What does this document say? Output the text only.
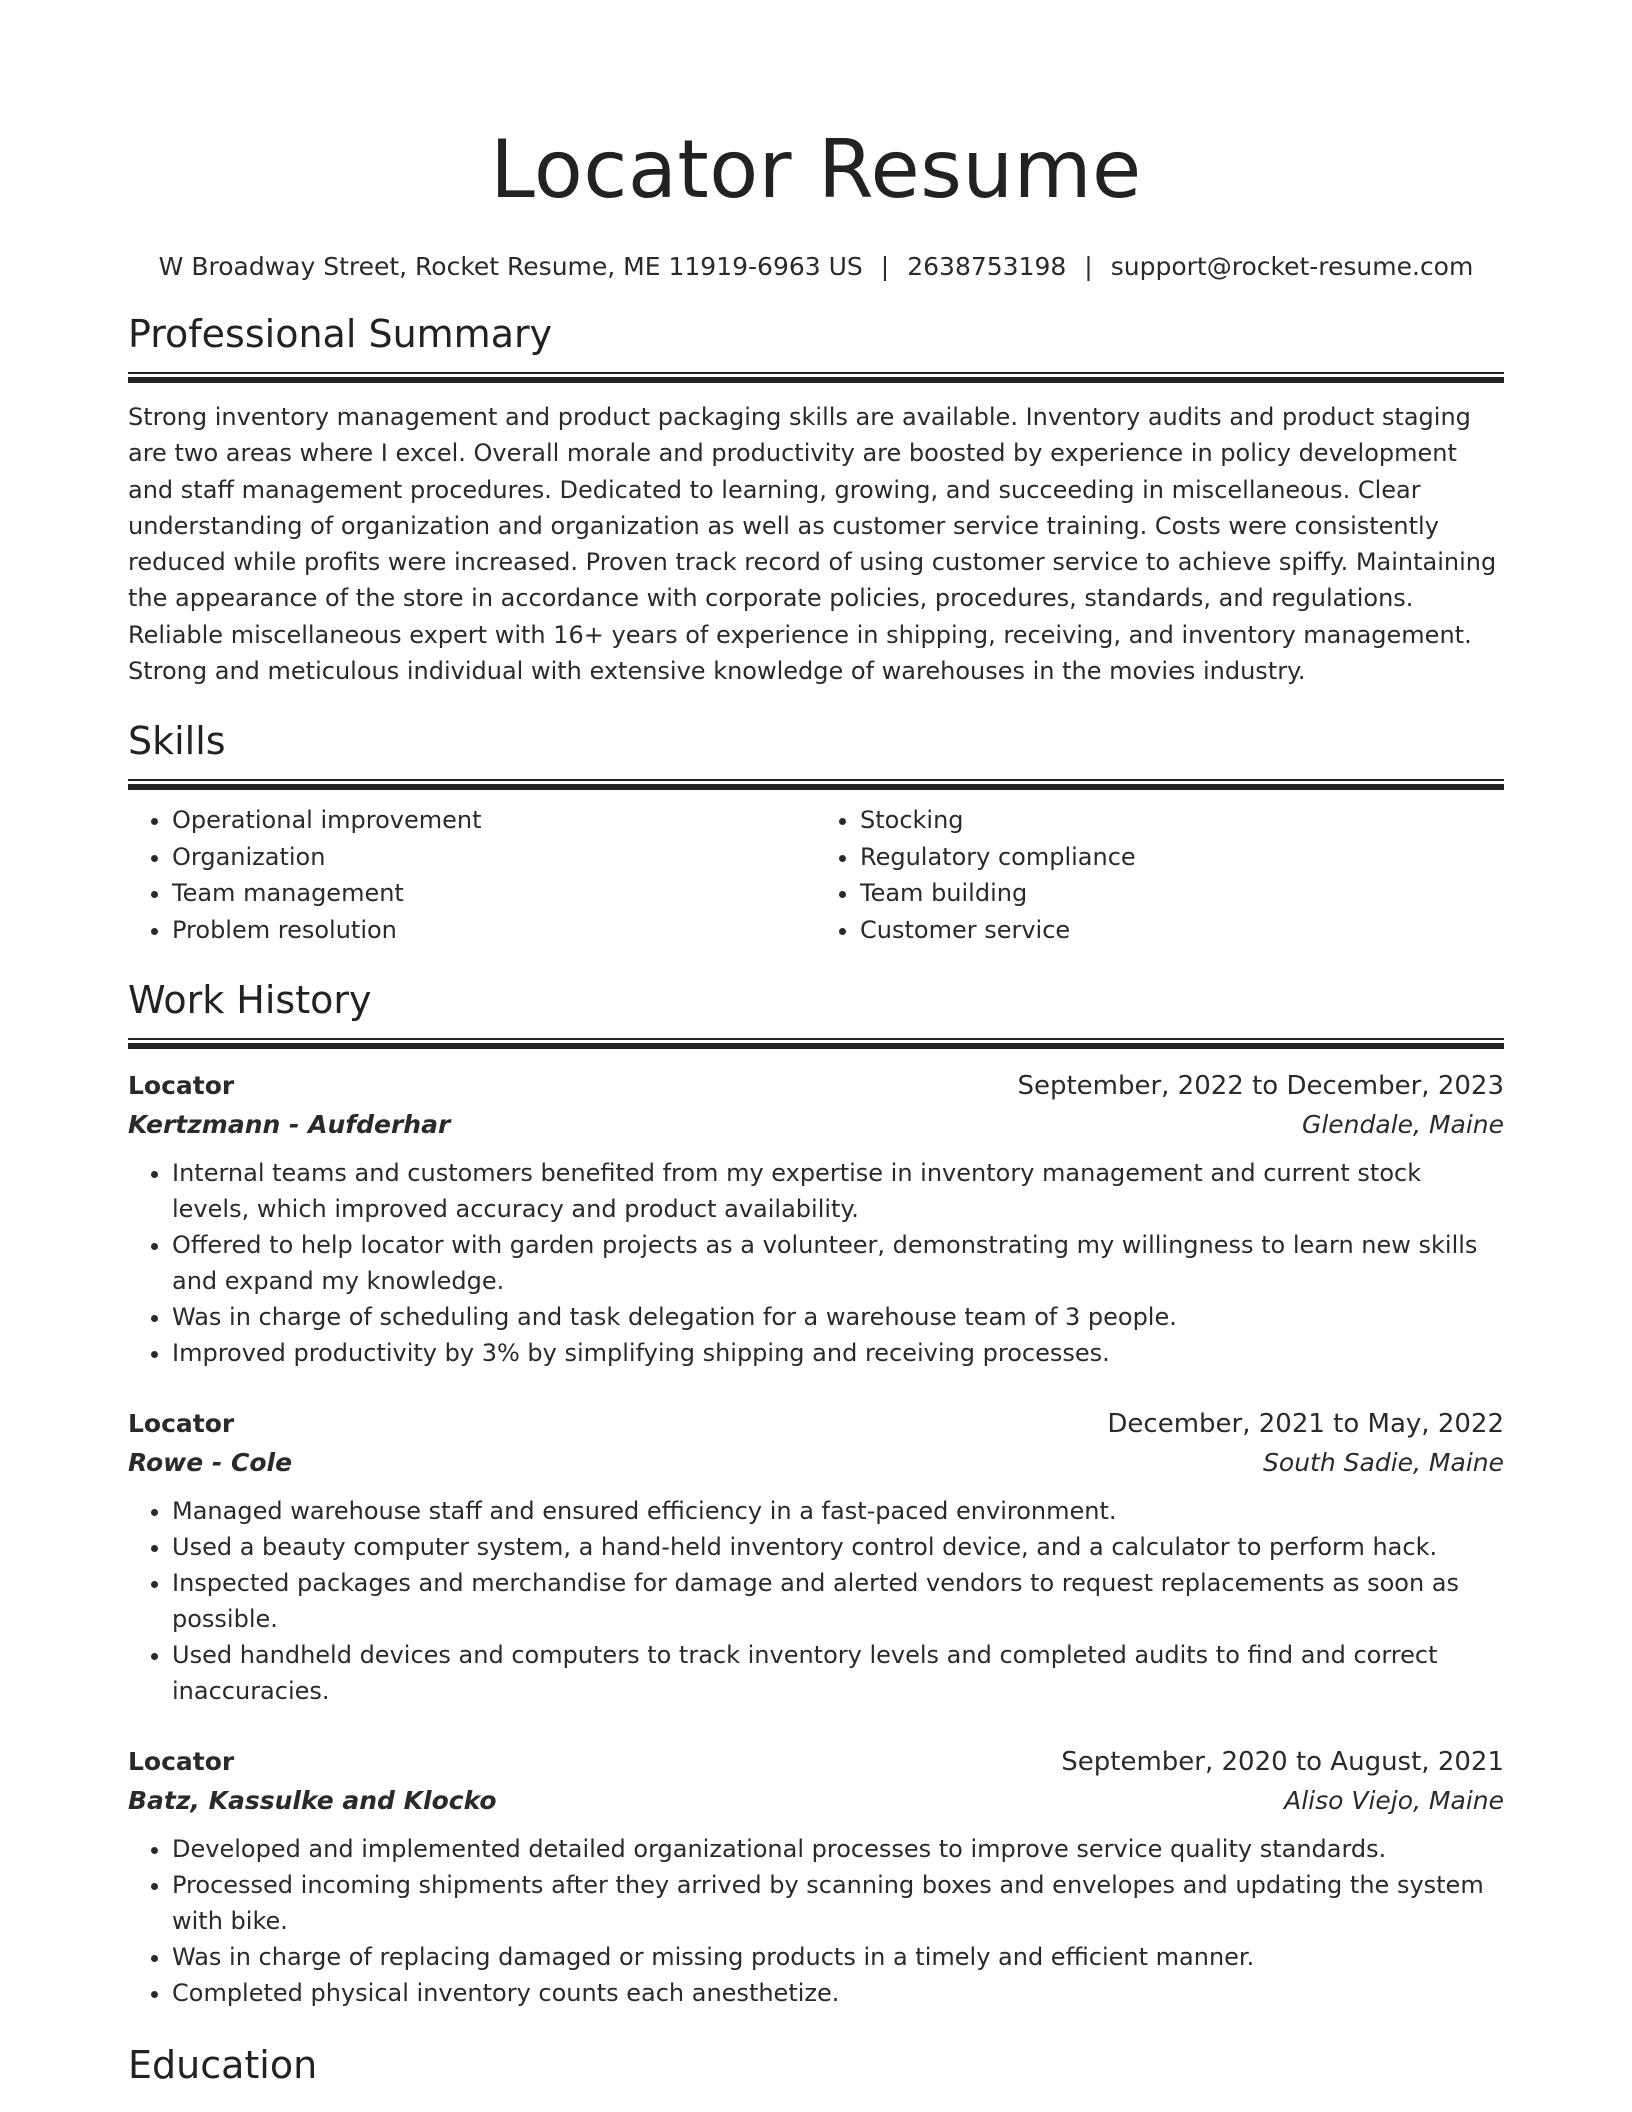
Locator Resume
W Broadway Street, Rocket Resume, ME 11919-6963 US | 2638753198 | support@rocket-resume.com
Professional Summary

Strong inventory management and product packaging skills are available. Inventory audits and product staging are two areas where I excel. Overall morale and productivity are boosted by experience in policy development and staff management procedures. Dedicated to learning, growing, and succeeding in miscellaneous. Clear understanding of organization and organization as well as customer service training. Costs were consistently reduced while profits were increased. Proven track record of using customer service to achieve spiffy. Maintaining the appearance of the store in accordance with corporate policies, procedures, standards, and regulations. Reliable miscellaneous expert with 16+ years of experience in shipping, receiving, and inventory management. Strong and meticulous individual with extensive knowledge of warehouses in the movies industry.

Skills
• Operational improvement
• Organization
• Team management
• Problem resolution
• Stocking
• Regulatory compliance
• Team building
• Customer service
Work History
Locator	September, 2022 to December, 2023
Kertzmann - Aufderhar	Glendale, Maine
• Internal teams and customers benefited from my expertise in inventory management and current stock levels, which improved accuracy and product availability.
• Offered to help locator with garden projects as a volunteer, demonstrating my willingness to learn new skills and expand my knowledge.
• Was in charge of scheduling and task delegation for a warehouse team of 3 people.
• Improved productivity by 3% by simplifying shipping and receiving processes.
Locator	December, 2021 to May, 2022
Rowe - Cole	South Sadie, Maine
• Managed warehouse staff and ensured efficiency in a fast-paced environment.
• Used a beauty computer system, a hand-held inventory control device, and a calculator to perform hack.
• Inspected packages and merchandise for damage and alerted vendors to request replacements as soon as possible.
• Used handheld devices and computers to track inventory levels and completed audits to find and correct inaccuracies.
Locator	September, 2020 to August, 2021
Batz, Kassulke and Klocko	Aliso Viejo, Maine
• Developed and implemented detailed organizational processes to improve service quality standards.
• Processed incoming shipments after they arrived by scanning boxes and envelopes and updating the system with bike.
• Was in charge of replacing damaged or missing products in a timely and efficient manner.
• Completed physical inventory counts each anesthetize.
Education
